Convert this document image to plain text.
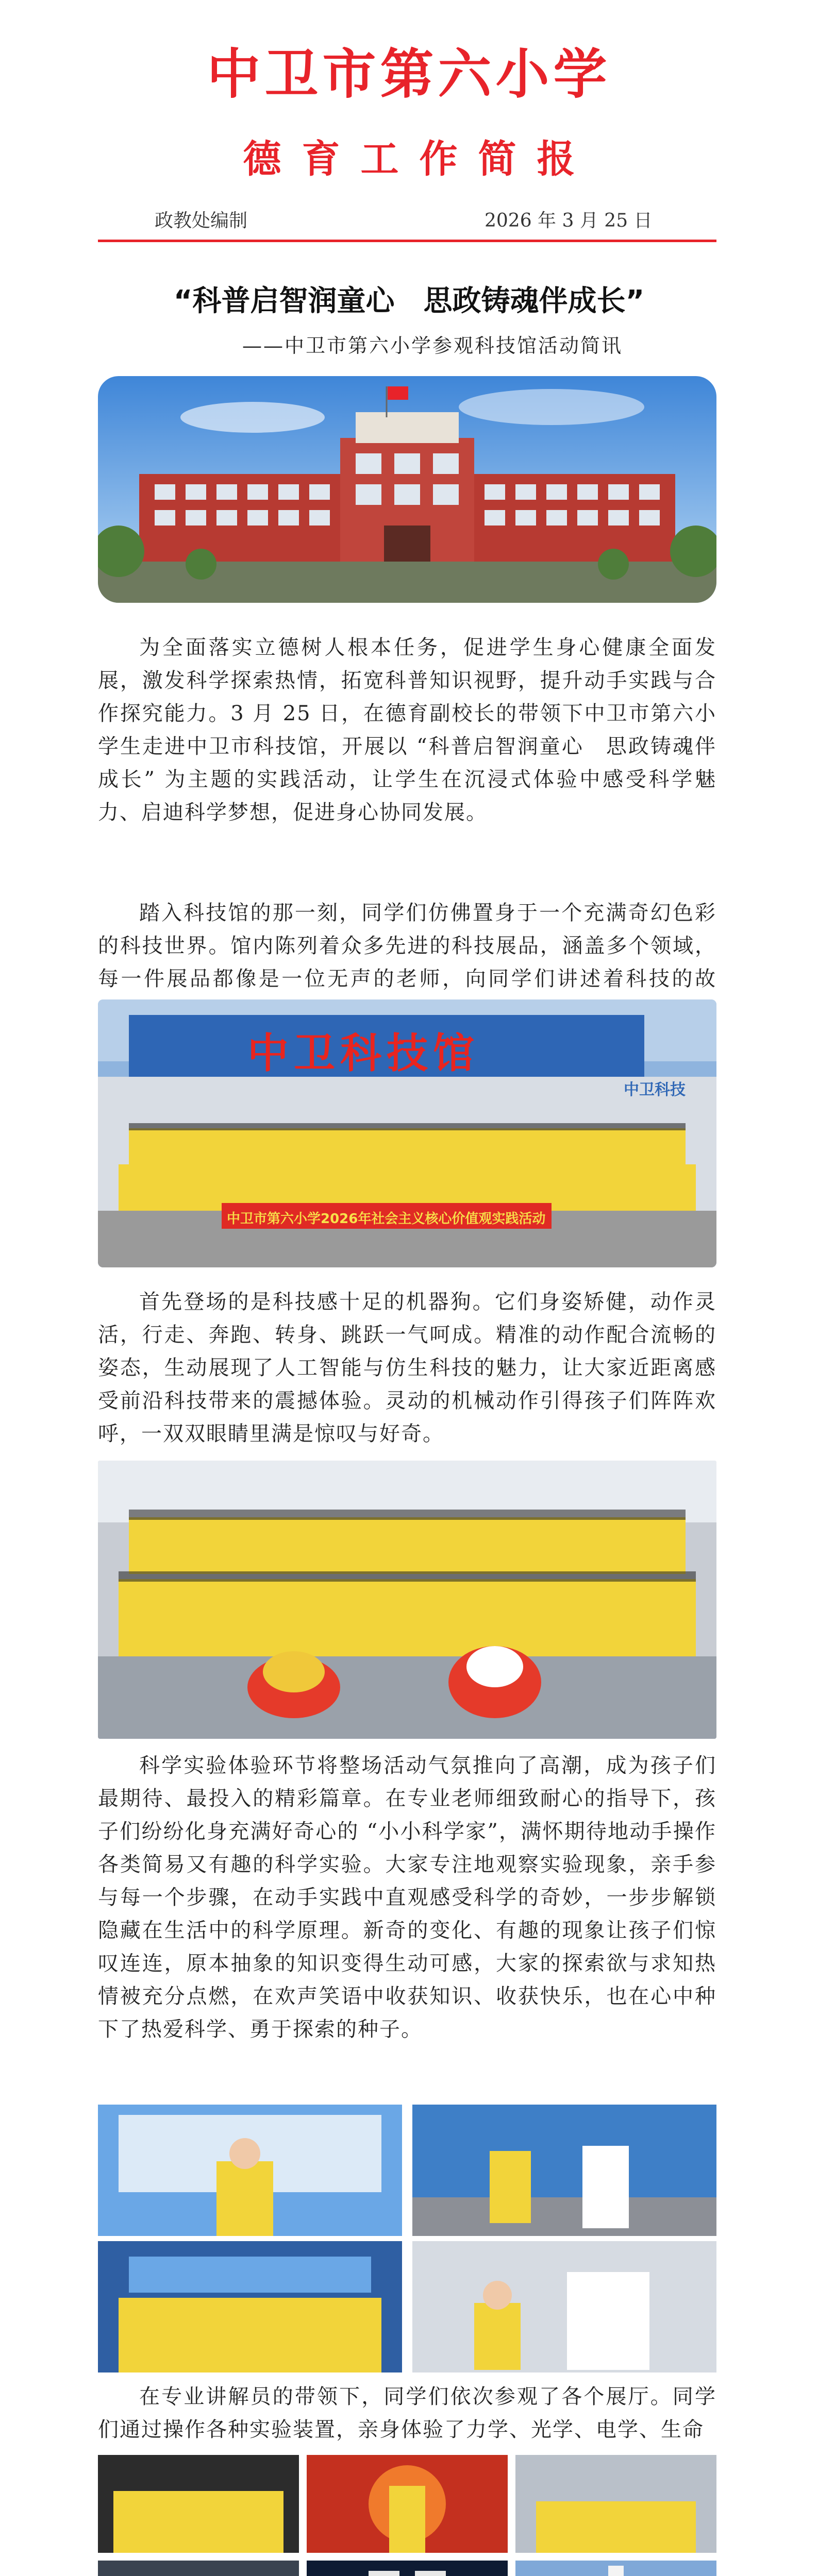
中卫市第六小学
德育工作简报
政教处编制	2026 年 3 月 25 日
“科普启智润童心　思政铸魂伴成长”
——中卫市第六小学参观科技馆活动简讯
为全面落实立德树人根本任务，促进学生身心健康全面发展，激发科学探索热情，拓宽科普知识视野，提升动手实践与合作探究能力。3 月 25 日，在德育副校长的带领下中卫市第六小学生走进中卫市科技馆，开展以 “科普启智润童心　思政铸魂伴成长” 为主题的实践活动，让学生在沉浸式体验中感受科学魅力、启迪科学梦想，促进身心协同发展。
踏入科技馆的那一刻，同学们仿佛置身于一个充满奇幻色彩的科技世界。馆内陈列着众多先进的科技展品，涵盖多个领域，每一件展品都像是一位无声的老师，向同学们讲述着科技的故
中卫科技馆
中卫科技
中卫市第六小学2026年社会主义核心价值观实践活动
首先登场的是科技感十足的机器狗。它们身姿矫健，动作灵活，行走、奔跑、转身、跳跃一气呵成。精准的动作配合流畅的姿态，生动展现了人工智能与仿生科技的魅力，让大家近距离感受前沿科技带来的震撼体验。灵动的机械动作引得孩子们阵阵欢呼，一双双眼睛里满是惊叹与好奇。
科学实验体验环节将整场活动气氛推向了高潮，成为孩子们最期待、最投入的精彩篇章。在专业老师细致耐心的指导下，孩子们纷纷化身充满好奇心的 “小小科学家”，满怀期待地动手操作各类简易又有趣的科学实验。大家专注地观察实验现象，亲手参与每一个步骤，在动手实践中直观感受科学的奇妙，一步步解锁隐藏在生活中的科学原理。新奇的变化、有趣的现象让孩子们惊叹连连，原本抽象的知识变得生动可感，大家的探索欲与求知热情被充分点燃，在欢声笑语中收获知识、收获快乐，也在心中种下了热爱科学、勇于探索的种子。
在专业讲解员的带领下，同学们依次参观了各个展厅。同学们通过操作各种实验装置，亲身体验了力学、光学、电学、生命
